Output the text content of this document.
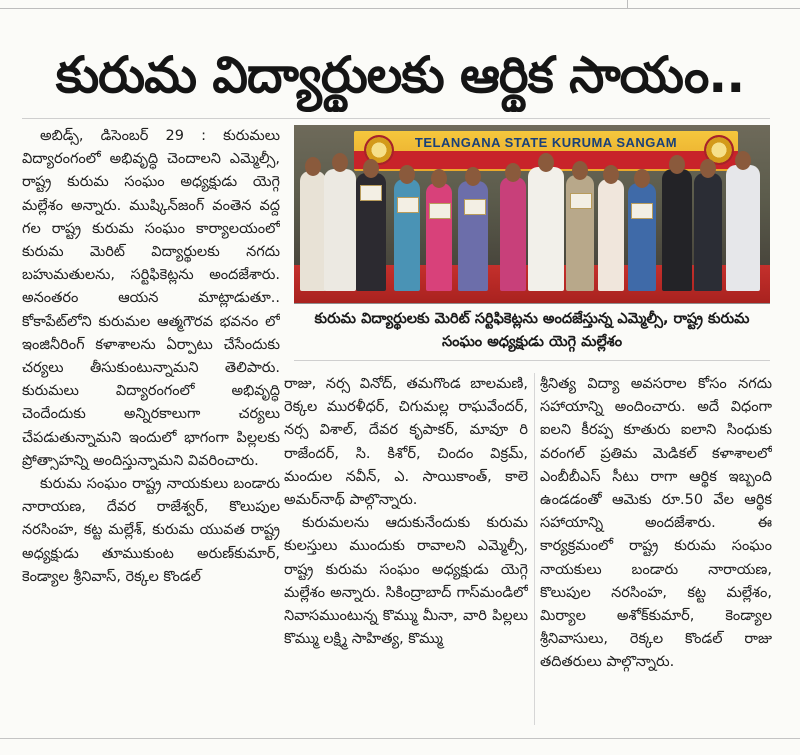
కురుమ విద్యార్థులకు ఆర్థిక సాయం..

అబిడ్స్, డిసెంబర్ 29 : కురుమలు విద్యారంగంలో అభివృద్ధి చెందాలని ఎమ్మెల్సీ, రాష్ట్ర కురుమ సంఘం అధ్యక్షుడు యెగ్గె మల్లేశం అన్నారు. ముష్కిన్‌జంగ్ వంతెన వద్ద గల రాష్ట్ర కురుమ సంఘం కార్యాలయంలో కురుమ మెరిట్ విద్యార్థులకు నగదు బహుమతులను, సర్టిఫికెట్లను అందజేశారు. అనంతరం ఆయన మాట్లాడుతూ.. కోకాపేట్‌లోని కురుమల ఆత్మగౌరవ భవనం లో ఇంజినీరింగ్ కళాశాలను ఏర్పాటు చేసేందుకు చర్యలు తీసుకుంటున్నామని తెలిపారు. కురుమలు విద్యారంగంలో అభివృద్ధి చెందేందుకు అన్నిరకాలుగా చర్యలు చేపడుతున్నామని ఇందులో భాగంగా పిల్లలకు ప్రోత్సాహన్ని అందిస్తున్నామని వివరించారు.

కురుమ సంఘం రాష్ట్ర నాయకులు బండారు నారాయణ, దేవర రాజేశ్వర్, కొలుపుల నరసింహ, కట్ట మల్లేశ్, కురుమ యువత రాష్ట్ర అధ్యక్షుడు తూముకుంట అరుణ్‌కుమార్, కెండ్యాల శ్రీనివాస్, రెక్కల కొండల్

TELANGANA STATE KURUMA SANGAM

కురుమ విద్యార్థులకు మెరిట్ సర్టిఫికెట్లను అందజేస్తున్న ఎమ్మెల్సీ, రాష్ట్ర కురుమ సంఘం అధ్యక్షుడు యెగ్గె మల్లేశం

రాజు, నర్స వినోద్, తమగొండ బాలమణి, రెక్కల మురళీధర్, చిగుమల్ల రాఘవేందర్, నర్స విశాల్, దేవర కృపాకర్, మావూ రి రాజేందర్, సి. కిశోర్, చిందం విక్రమ్, మందుల నవీన్, ఎ. సాయికాంత్, కాలె అమర్‌నాథ్ పాల్గొన్నారు.

కురుమలను ఆదుకునేందుకు కురుమ కులస్తులు ముందుకు రావాలని ఎమ్మెల్సీ, రాష్ట్ర కురుమ సంఘం అధ్యక్షుడు యెగ్గె మల్లేశం అన్నారు. సికింద్రాబాద్ గాస్‌మండిలో నివాసముంటున్న కొమ్ము మీనా, వారి పిల్లలు కొమ్ము లక్ష్మి సాహిత్య, కొమ్ము

శ్రీనిత్య విద్యా అవసరాల కోసం నగదు సహాయాన్ని అందించారు. అదే విధంగా ఐలని కీరప్ప కూతురు ఐలాని సింధుకు వరంగల్ ప్రతిమ మెడికల్ కళాశాలలో ఎంబీబీఎస్ సీటు రాగా ఆర్థిక ఇబ్బంది ఉండడంతో ఆమెకు రూ.50 వేల ఆర్థిక సహాయాన్ని అందజేశారు. ఈ కార్యక్రమంలో రాష్ట్ర కురుమ సంఘం నాయకులు బండారు నారాయణ, కొలుపుల నరసింహ, కట్ట మల్లేశం, మిర్యాల అశోక్‌కుమార్, కెండ్యాల శ్రీనివాసులు, రెక్కల కొండల్ రాజు తదితరులు పాల్గొన్నారు.
